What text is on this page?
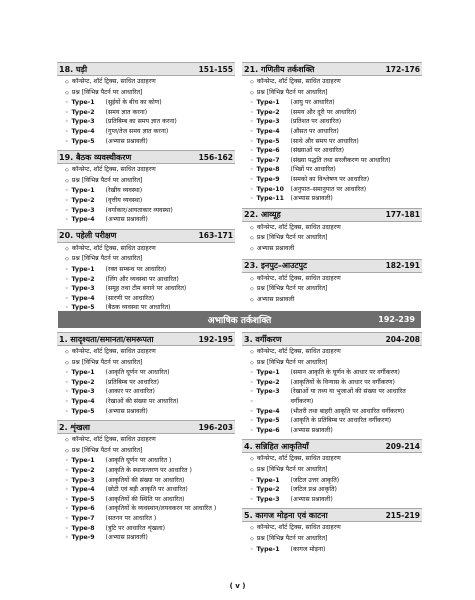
18. घड़ी	151-155
◇ कॉन्सेप्ट, शॉर्ट ट्रिक्स, साधित उदाहरण
◇ प्रश्न [विभिन्न पैटर्न पर आधारित]
◦ Type-1 (सुईयों के बीच का कोण)
◦ Type-2 (समय ज्ञात करना)
◦ Type-3 (प्रतिबिम्ब का समय ज्ञात करना)
◦ Type-4 (गुप्त/तेज समय ज्ञात करना)
◦ Type-5 (अभ्यास प्रश्नावली)
19. बैठक व्यवस्थीकरण	156-162
◇ कॉन्सेप्ट, शॉर्ट ट्रिक्स, साधित उदाहरण
◇ प्रश्न [विभिन्न पैटर्न पर आधारित]
◦ Type-1 (रेखीय व्यवस्था)
◦ Type-2 (वृत्तीय व्यवस्था)
◦ Type-3 (वर्गाकार/आयताकार व्यवस्था)
◦ Type-4 (अभ्यास प्रश्नावली)
20. पहेली परीक्षण	163-171
◇ कॉन्सेप्ट, शॉर्ट ट्रिक्स, साधित उदाहरण
◇ प्रश्न [विभिन्न पैटर्न पर आधारित]
◦ Type-1 (रक्त सम्बन्ध पर आधारित)
◦ Type-2 (लिंग और व्यवस्था पर आधारित)
◦ Type-3 (समूह तथा टीम बनाने पर आधारित)
◦ Type-4 (सारणी पर आधारित)
◦ Type-5 (बैठक व्यवस्था पर आधारित)
◦
21. गणितीय तर्कशक्ति	172-176
◇ कॉन्सेप्ट, शॉर्ट ट्रिक्स, साधित उदाहरण
◇ प्रश्न [विभिन्न पैटर्न पर आधारित]
◦ Type-1 (आयु पर आधारित)
◦ Type-2 (समय और दूरी पर आधारित)
◦ Type-3 (प्रतिशत पर आधारित)
◦ Type-4 (औसत पर आधारित)
◦ Type-5 (साथे और समय पर आधारित)
◦ Type-6 (संख्याओं पर आधारित)
◦ Type-7 (संख्या पद्धति तथा सरलीकरण पर आधारित)
◦ Type-8 (भिन्नों पर आधारित)
◦ Type-9 (समको का विश्लेषण पर आधारित)
◦ Type-10 (अनुपात–समानुपात पर आधारित)
◦ Type-11 (अभ्यास प्रश्नावली)
22. आव्यूह	177-181
◇ कॉन्सेप्ट, शॉर्ट ट्रिक्स, साधित उदाहरण
◇ प्रश्न [विभिन्न पैटर्न पर आधारित]
◇ अभ्यास प्रश्नावली
23. इनपुट–आउटपुट	182-191
◇ कॉन्सेप्ट, शॉर्ट ट्रिक्स, साधित उदाहरण
◇ प्रश्न [विभिन्न पैटर्न पर आधारित]
◇ अभ्यास प्रश्नावली
अभाषिक तर्कशक्ति	192-239
1. सादृश्यता/समानता/समरूपता	192-195
◇ कॉन्सेप्ट, शॉर्ट ट्रिक्स, साधित उदाहरण
◇ प्रश्न [विभिन्न पैटर्न पर आधारित]
◦ Type-1 (आकृति घूर्णन पर आधारित)
◦ Type-2 (प्रतिबिम्ब पर आधारित)
◦ Type-3 (आकार पर आधारित)
◦ Type-4 (रेखाओं की संख्या पर आधारित)
◦ Type-5 (अभ्यास प्रश्नावली)
2. शृंखला	196-203
◇ कॉन्सेप्ट, शॉर्ट ट्रिक्स, साधित उदाहरण
◇ प्रश्न [विभिन्न पैटर्न पर आधारित]
◦ Type-1 (आकृति घूर्णन पर आधारित )
◦ Type-2 (आकृति के स्थानान्तरण पर आधारित )
◦ Type-3 (आकृतियों की संख्या पर आधारित)
◦ Type-4 (छोटी एवं बड़ी आकृति पर आधारित)
◦ Type-5 (आकृतियों की स्थिति पर आधारित)
◦ Type-6 (आकृतियों के व्यवस्थान/लयवकरन पर आधारित )
◦ Type-7 (सतनन पर आधारित )
◦ Type-8 (त्रुटि पर आधारित शृंखला)
◦ Type-9 (अभ्यास प्रश्नावली)
3. वर्गीकरण	204-208
◇ कॉन्सेप्ट, शॉर्ट ट्रिक्स, साधित उदाहरण
◇ प्रश्न [विभिन्न पैटर्न पर आधारित]
◦ Type-1 (समान आकृति के घूर्णन के आधार पर वर्गीकरण)
◦ Type-2 (आकृतियों के विन्यास के आधार पर वर्गीकरण)
◦ Type-3 (रेखाओं या तथ्य या भुजाओं की संख्या पर आधारित
◦ वर्गीकरण)
◦ Type-4 (भीतरी तथा बाहरी आकृति पर आधारित वर्गीकरण)
◦ Type-5 (आकृति के प्रतिबिम्ब पर आधारित वर्गीकरण)
◦ Type-6 (अभ्यास प्रश्नावली)
4. सन्निहित आकृतियाँ	209-214
◇ कॉन्सेप्ट, शॉर्ट ट्रिक्स, साधित उदाहरण
◇ प्रश्न [विभिन्न पैटर्न पर आधारित]
◦ Type-1 (जटिल उत्तर आकृति)
◦ Type-2 (जटिल प्रश्न आकृति)
◦ Type-3 (अभ्यास प्रश्नावली)
5. कागज मोड़ना एवं काटना	215-219
◇ कॉन्सेप्ट, शॉर्ट ट्रिक्स, साधित उदाहरण
◇ प्रश्न [विभिन्न पैटर्न पर आधारित]
◦ Type-1 (कागज मोड़ना)
( v )
